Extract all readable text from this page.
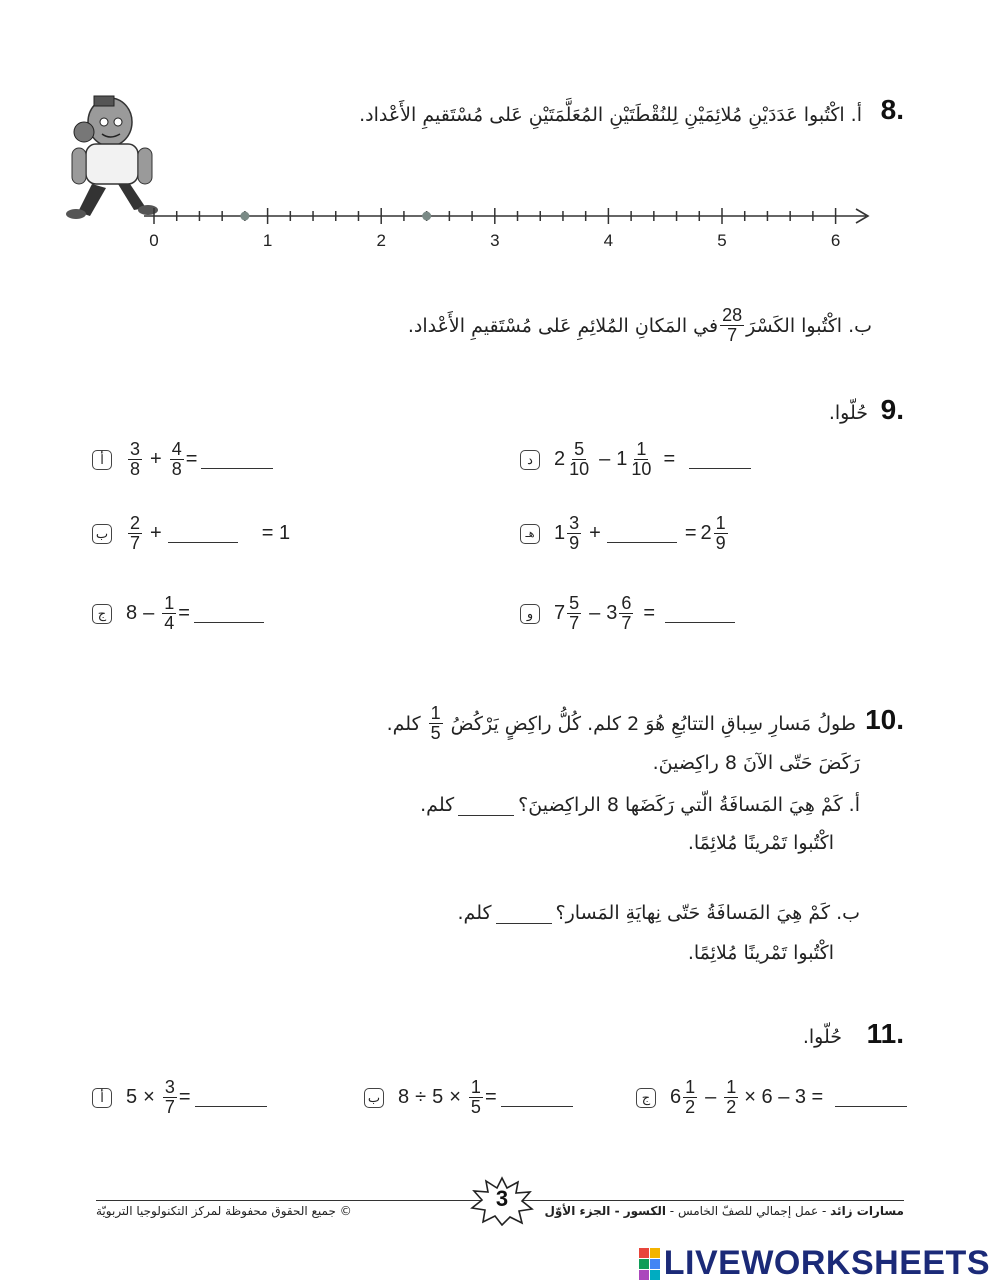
8.
أ. اكْتُبوا عَدَدَيْنِ مُلائِمَيْنِ لِلنُقْطَتَيْنِ المُعَلَّمَتَيْنِ عَلى مُسْتَقيمِ الأَعْداد.
0	1	2	3	4	5	6
ب. اكْتُبوا الكَسْرَ
$\frac{28}{7}$
في المَكانِ المُلائِمِ عَلى مُسْتَقيمِ الأَعْداد.
9.
حُلّوا.
أ	$\frac{3}{8} + \frac{4}{8}$ =
ب $\frac{2}{7}$ +	= 1
ج $8 - \frac{1}{4}$ =
د	$2 \frac{5}{10} - 1 \frac{1}{10}$ =
هـ $1 \frac{3}{9}$ +	= $2 \frac{1}{9}$
و	$7 \frac{5}{7} - 3 \frac{6}{7}$ =
10.
طولُ مَسارِ سِباقِ التتابُعِ هُوَ 2 كلم. كُلُّ راكِضٍ يَرْكُضُ
$\frac{1}{5}$
كلم.
رَكَضَ حَتّى الآنَ 8 راكِضينَ.
أ. كَمْ هِيَ المَسافَةُ الّتي رَكَضَها 8 الراكِضينَ؟
كلم.
اكْتُبوا تَمْرينًا مُلائِمًا.
ب. كَمْ هِيَ المَسافَةُ حَتّى نِهايَةِ المَسار؟
كلم.
اكْتُبوا تَمْرينًا مُلائِمًا.
11.
حُلّوا.
أ	$5 \times \frac{3}{7}$ =	ب $8 \div 5 \times \frac{1}{5}$ =	ج $6 \frac{1}{2} - \frac{1}{2} \times 6 - 3$ =
3	مسارات زائد - عمل إجمالي للصفّ الخامس - الكسور - الجزء الأوّل
© جميع الحقوق محفوظة لمركز التكنولوجيا التربويّة
LIVEWORKSHEETS
